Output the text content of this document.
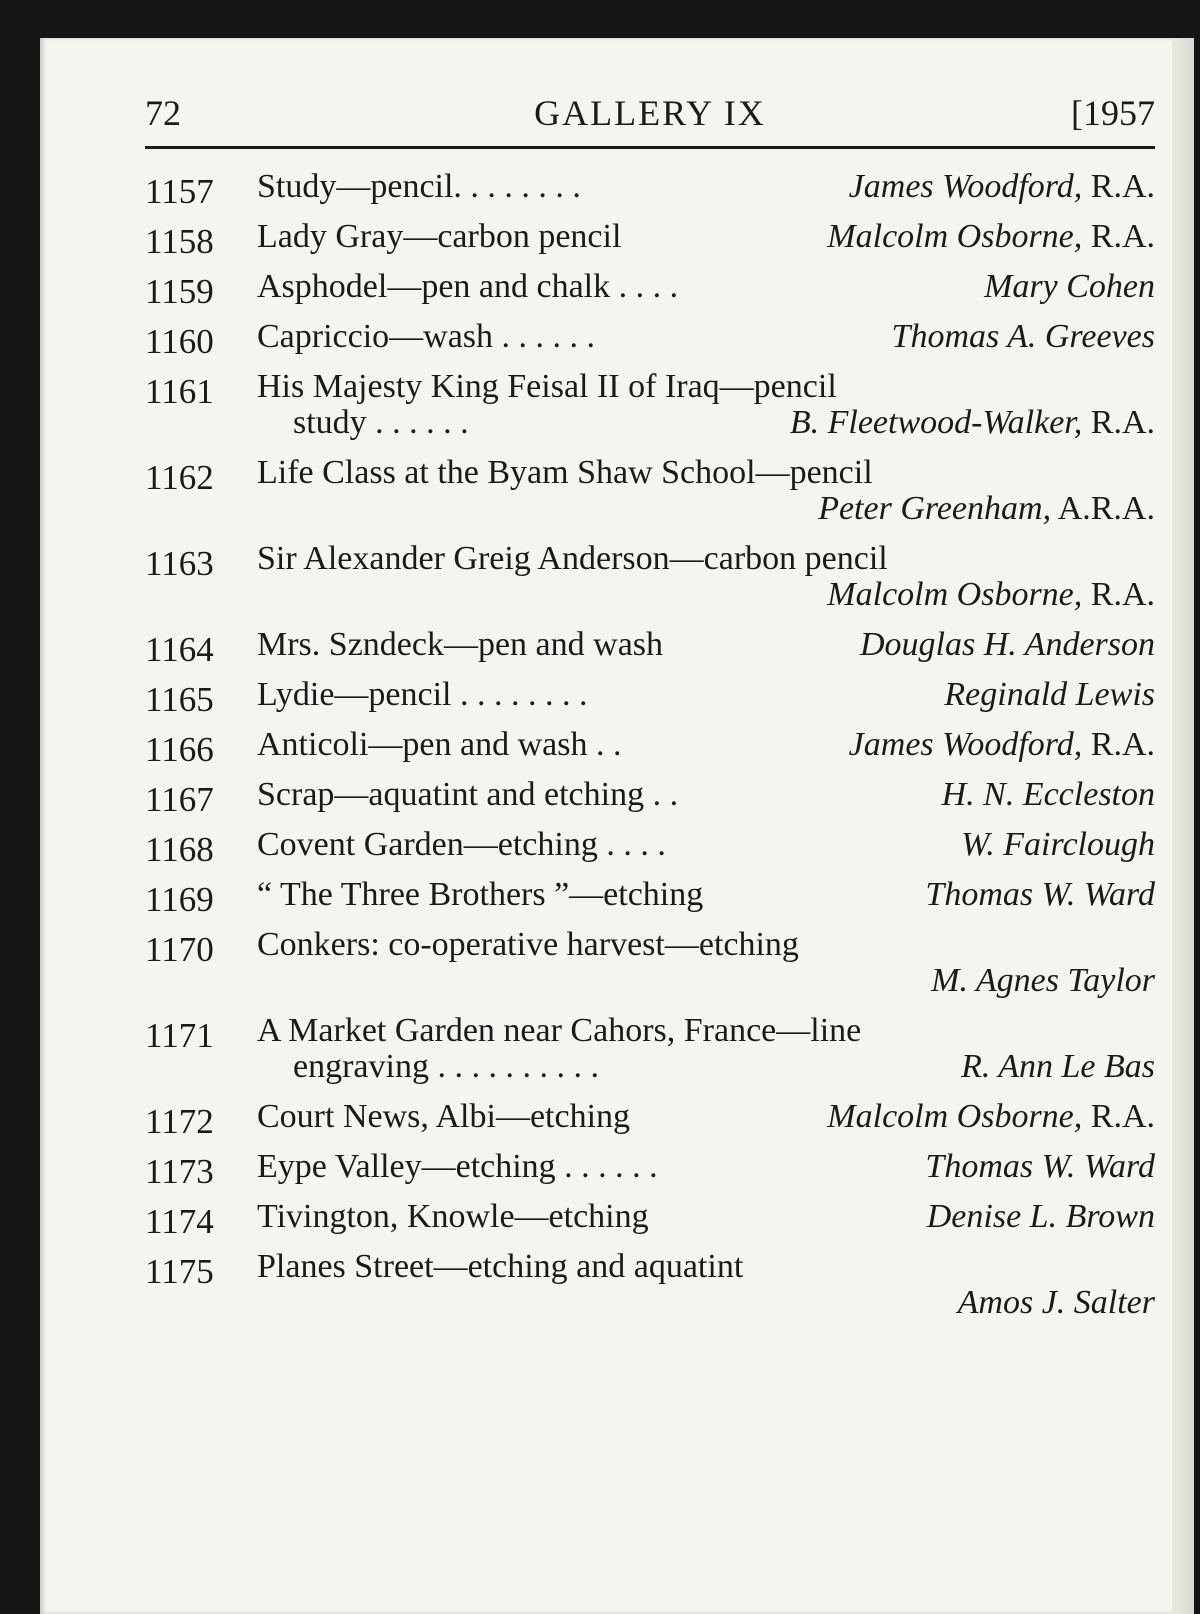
72	GALLERY IX	[1957
1157 Study—pencil. . . . . . . .	James Woodford, R.A.
1158 Lady Gray—carbon pencil	Malcolm Osborne, R.A.
1159 Asphodel—pen and chalk . . . .	Mary Cohen
1160 Capriccio—wash . . . . . .	Thomas A. Greeves
1161 His Majesty King Feisal II of Iraq—pencil
study . . . . . .	B. Fleetwood-Walker, R.A.
1162 Life Class at the Byam Shaw School—pencil
Peter Greenham, A.R.A.
1163 Sir Alexander Greig Anderson—carbon pencil
Malcolm Osborne, R.A.
1164 Mrs. Szndeck—pen and wash	Douglas H. Anderson
1165 Lydie—pencil . . . . . . . .	Reginald Lewis
1166 Anticoli—pen and wash . .	James Woodford, R.A.
1167 Scrap—aquatint and etching . .	H. N. Eccleston
1168 Covent Garden—etching . . . .	W. Fairclough
1169 “ The Three Brothers ”—etching	Thomas W. Ward
1170 Conkers: co-operative harvest—etching
M. Agnes Taylor
1171 A Market Garden near Cahors, France—line
engraving . . . . . . . . . .	R. Ann Le Bas
1172 Court News, Albi—etching	Malcolm Osborne, R.A.
1173 Eype Valley—etching . . . . . .	Thomas W. Ward
1174 Tivington, Knowle—etching	Denise L. Brown
1175 Planes Street—etching and aquatint
Amos J. Salter
